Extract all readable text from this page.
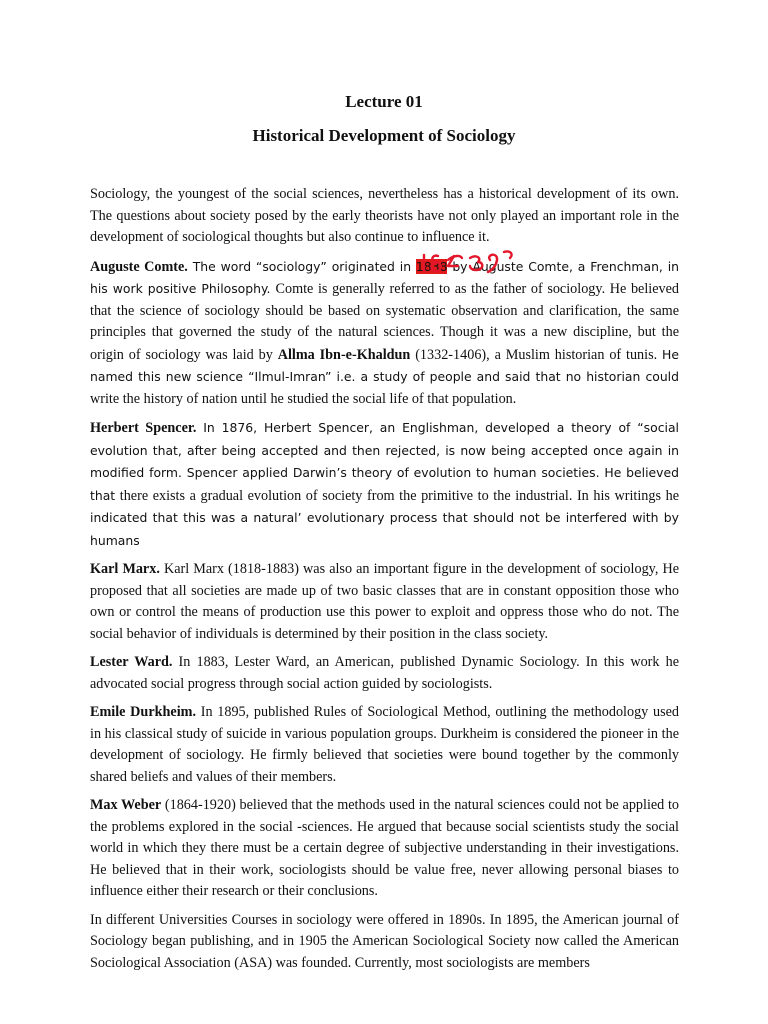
Lecture 01
Historical Development of Sociology

Sociology, the youngest of the social sciences, nevertheless has a historical development of its own. The questions about society posed by the early theorists have not only played an important role in the development of sociological thoughts but also continue to influence it.

Auguste Comte. The word “sociology” originated in 1838 by Auguste Comte, a Frenchman, in his work positive Philosophy. Comte is generally referred to as the father of sociology. He believed that the science of sociology should be based on systematic observation and clarification, the same principles that governed the study of the natural sciences. Though it was a new discipline, but the origin of sociology was laid by Allma Ibn-e-Khaldun (1332-1406), a Muslim historian of tunis. He named this new science “Ilmul-Imran” i.e. a study of people and said that no historian could write the history of nation until he studied the social life of that population.

Herbert Spencer. In 1876, Herbert Spencer, an Englishman, developed a theory of “social evolution that, after being accepted and then rejected, is now being accepted once again in modified form. Spencer applied Darwin’s theory of evolution to human societies. He believed that there exists a gradual evolution of society from the primitive to the industrial. In his writings he indicated that this was a natural’ evolutionary process that should not be interfered with by humans

Karl Marx. Karl Marx (1818-1883) was also an important figure in the development of sociology, He proposed that all societies are made up of two basic classes that are in constant opposition those who own or control the means of production use this power to exploit and oppress those who do not. The social behavior of individuals is determined by their position in the class society.

Lester Ward. In 1883, Lester Ward, an American, published Dynamic Sociology. In this work he advocated social progress through social action guided by sociologists.

Emile Durkheim. In 1895, published Rules of Sociological Method, outlining the methodology used in his classical study of suicide in various population groups. Durkheim is considered the pioneer in the development of sociology. He firmly believed that societies were bound together by the commonly shared beliefs and values of their members.

Max Weber (1864-1920) believed that the methods used in the natural sciences could not be applied to the problems explored in the social -sciences. He argued that because social scientists study the social world in which they there must be a certain degree of subjective understanding in their investigations. He believed that in their work, sociologists should be value free, never allowing personal biases to influence either their research or their conclusions.

In different Universities Courses in sociology were offered in 1890s. In 1895, the American journal of Sociology began publishing, and in 1905 the American Sociological Society now called the American Sociological Association (ASA) was founded. Currently, most sociologists are members
